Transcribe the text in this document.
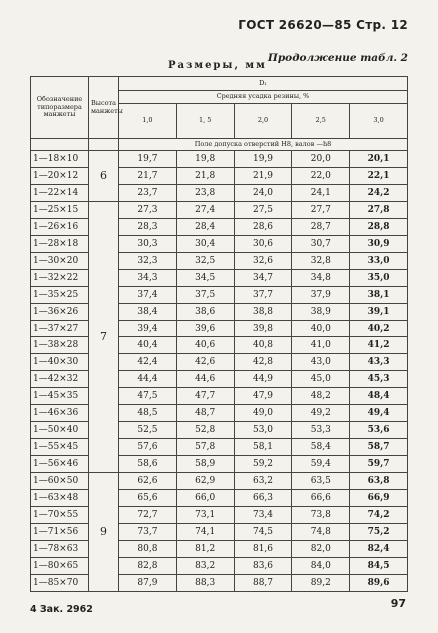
ГОСТ 26620—85 Стр. 12
Продолжение табл. 2
Размеры, мм
Обозначение типоразмера манжеты	Высота манжеты	D₁				
		Средняя усадка резины, %				
		1,0	1, 5	2,0	2,5	3,0
		Поле допуска отверстий Н8, валов —h8				
1—18×10	6	19,7	19,8	19,9	20,0	20,1
1—20×12		21,7	21,8	21,9	22,0	22,1
1—22×14		23,7	23,8	24,0	24,1	24,2
1—25×15	7	27,3	27,4	27,5	27,7	27,8
1—26×16		28,3	28,4	28,6	28,7	28,8
1—28×18		30,3	30,4	30,6	30,7	30,9
1—30×20		32,3	32,5	32,6	32,8	33,0
1—32×22		34,3	34,5	34,7	34,8	35,0
1—35×25		37,4	37,5	37,7	37,9	38,1
1—36×26		38,4	38,6	38,8	38,9	39,1
1—37×27		39,4	39,6	39,8	40,0	40,2
1—38×28		40,4	40,6	40,8	41,0	41,2
1—40×30		42,4	42,6	42,8	43,0	43,3
1—42×32		44,4	44,6	44,9	45,0	45,3
1—45×35		47,5	47,7	47,9	48,2	48,4
1—46×36		48,5	48,7	49,0	49,2	49,4
1—50×40		52,5	52,8	53,0	53,3	53,6
1—55×45		57,6	57,8	58,1	58,4	58,7
1—56×46		58,6	58,9	59,2	59,4	59,7
1—60×50	9	62,6	62,9	63,2	63,5	63,8
1—63×48		65,6	66,0	66,3	66,6	66,9
1—70×55		72,7	73,1	73,4	73,8	74,2
1—71×56		73,7	74,1	74,5	74,8	75,2
1—78×63		80,8	81,2	81,6	82,0	82,4
1—80×65		82,8	83,2	83,6	84,0	84,5
1—85×70		87,9	88,3	88,7	89,2	89,6
4 Зак. 2962	97
